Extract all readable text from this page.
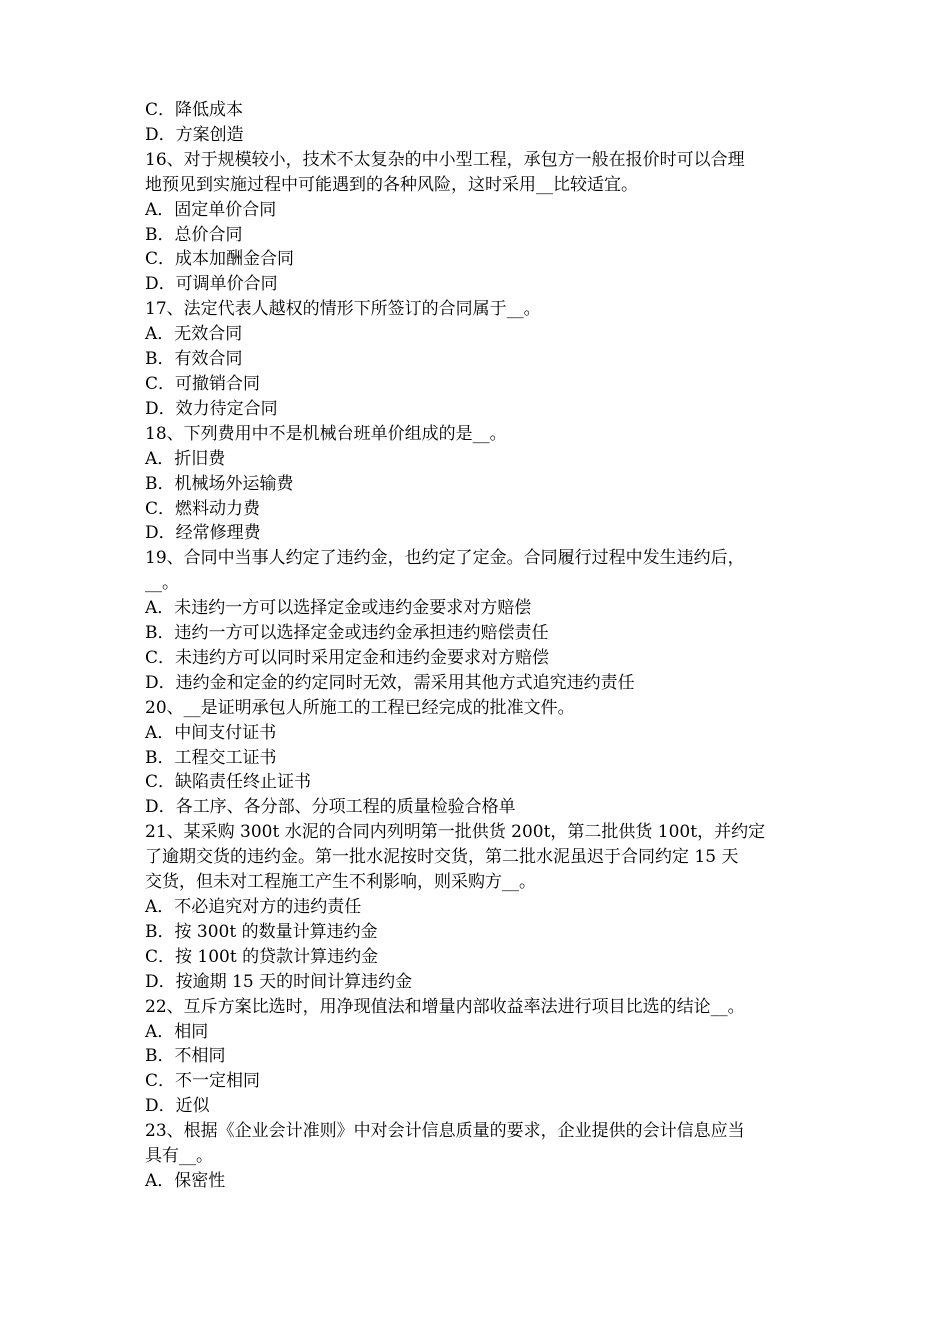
C．降低成本
D．方案创造
16、对于规模较小，技术不太复杂的中小型工程，承包方一般在报价时可以合理
地预见到实施过程中可能遇到的各种风险，这时采用__比较适宜。
A．固定单价合同
B．总价合同
C．成本加酬金合同
D．可调单价合同
17、法定代表人越权的情形下所签订的合同属于__。
A．无效合同
B．有效合同
C．可撤销合同
D．效力待定合同
18、下列费用中不是机械台班单价组成的是__。
A．折旧费
B．机械场外运输费
C．燃料动力费
D．经常修理费
19、合同中当事人约定了违约金，也约定了定金。合同履行过程中发生违约后，
__。
A．未违约一方可以选择定金或违约金要求对方赔偿
B．违约一方可以选择定金或违约金承担违约赔偿责任
C．未违约方可以同时采用定金和违约金要求对方赔偿
D．违约金和定金的约定同时无效，需采用其他方式追究违约责任
20、__是证明承包人所施工的工程已经完成的批准文件。
A．中间支付证书
B．工程交工证书
C．缺陷责任终止证书
D．各工序、各分部、分项工程的质量检验合格单
21、某采购 300t 水泥的合同内列明第一批供货 200t，第二批供货 100t，并约定
了逾期交货的违约金。第一批水泥按时交货，第二批水泥虽迟于合同约定 15 天
交货，但未对工程施工产生不利影响，则采购方__。
A．不必追究对方的违约责任
B．按 300t 的数量计算违约金
C．按 100t 的贷款计算违约金
D．按逾期 15 天的时间计算违约金
22、互斥方案比选时，用净现值法和增量内部收益率法进行项目比选的结论__。
A．相同
B．不相同
C．不一定相同
D．近似
23、根据《企业会计准则》中对会计信息质量的要求，企业提供的会计信息应当
具有__。
A．保密性
